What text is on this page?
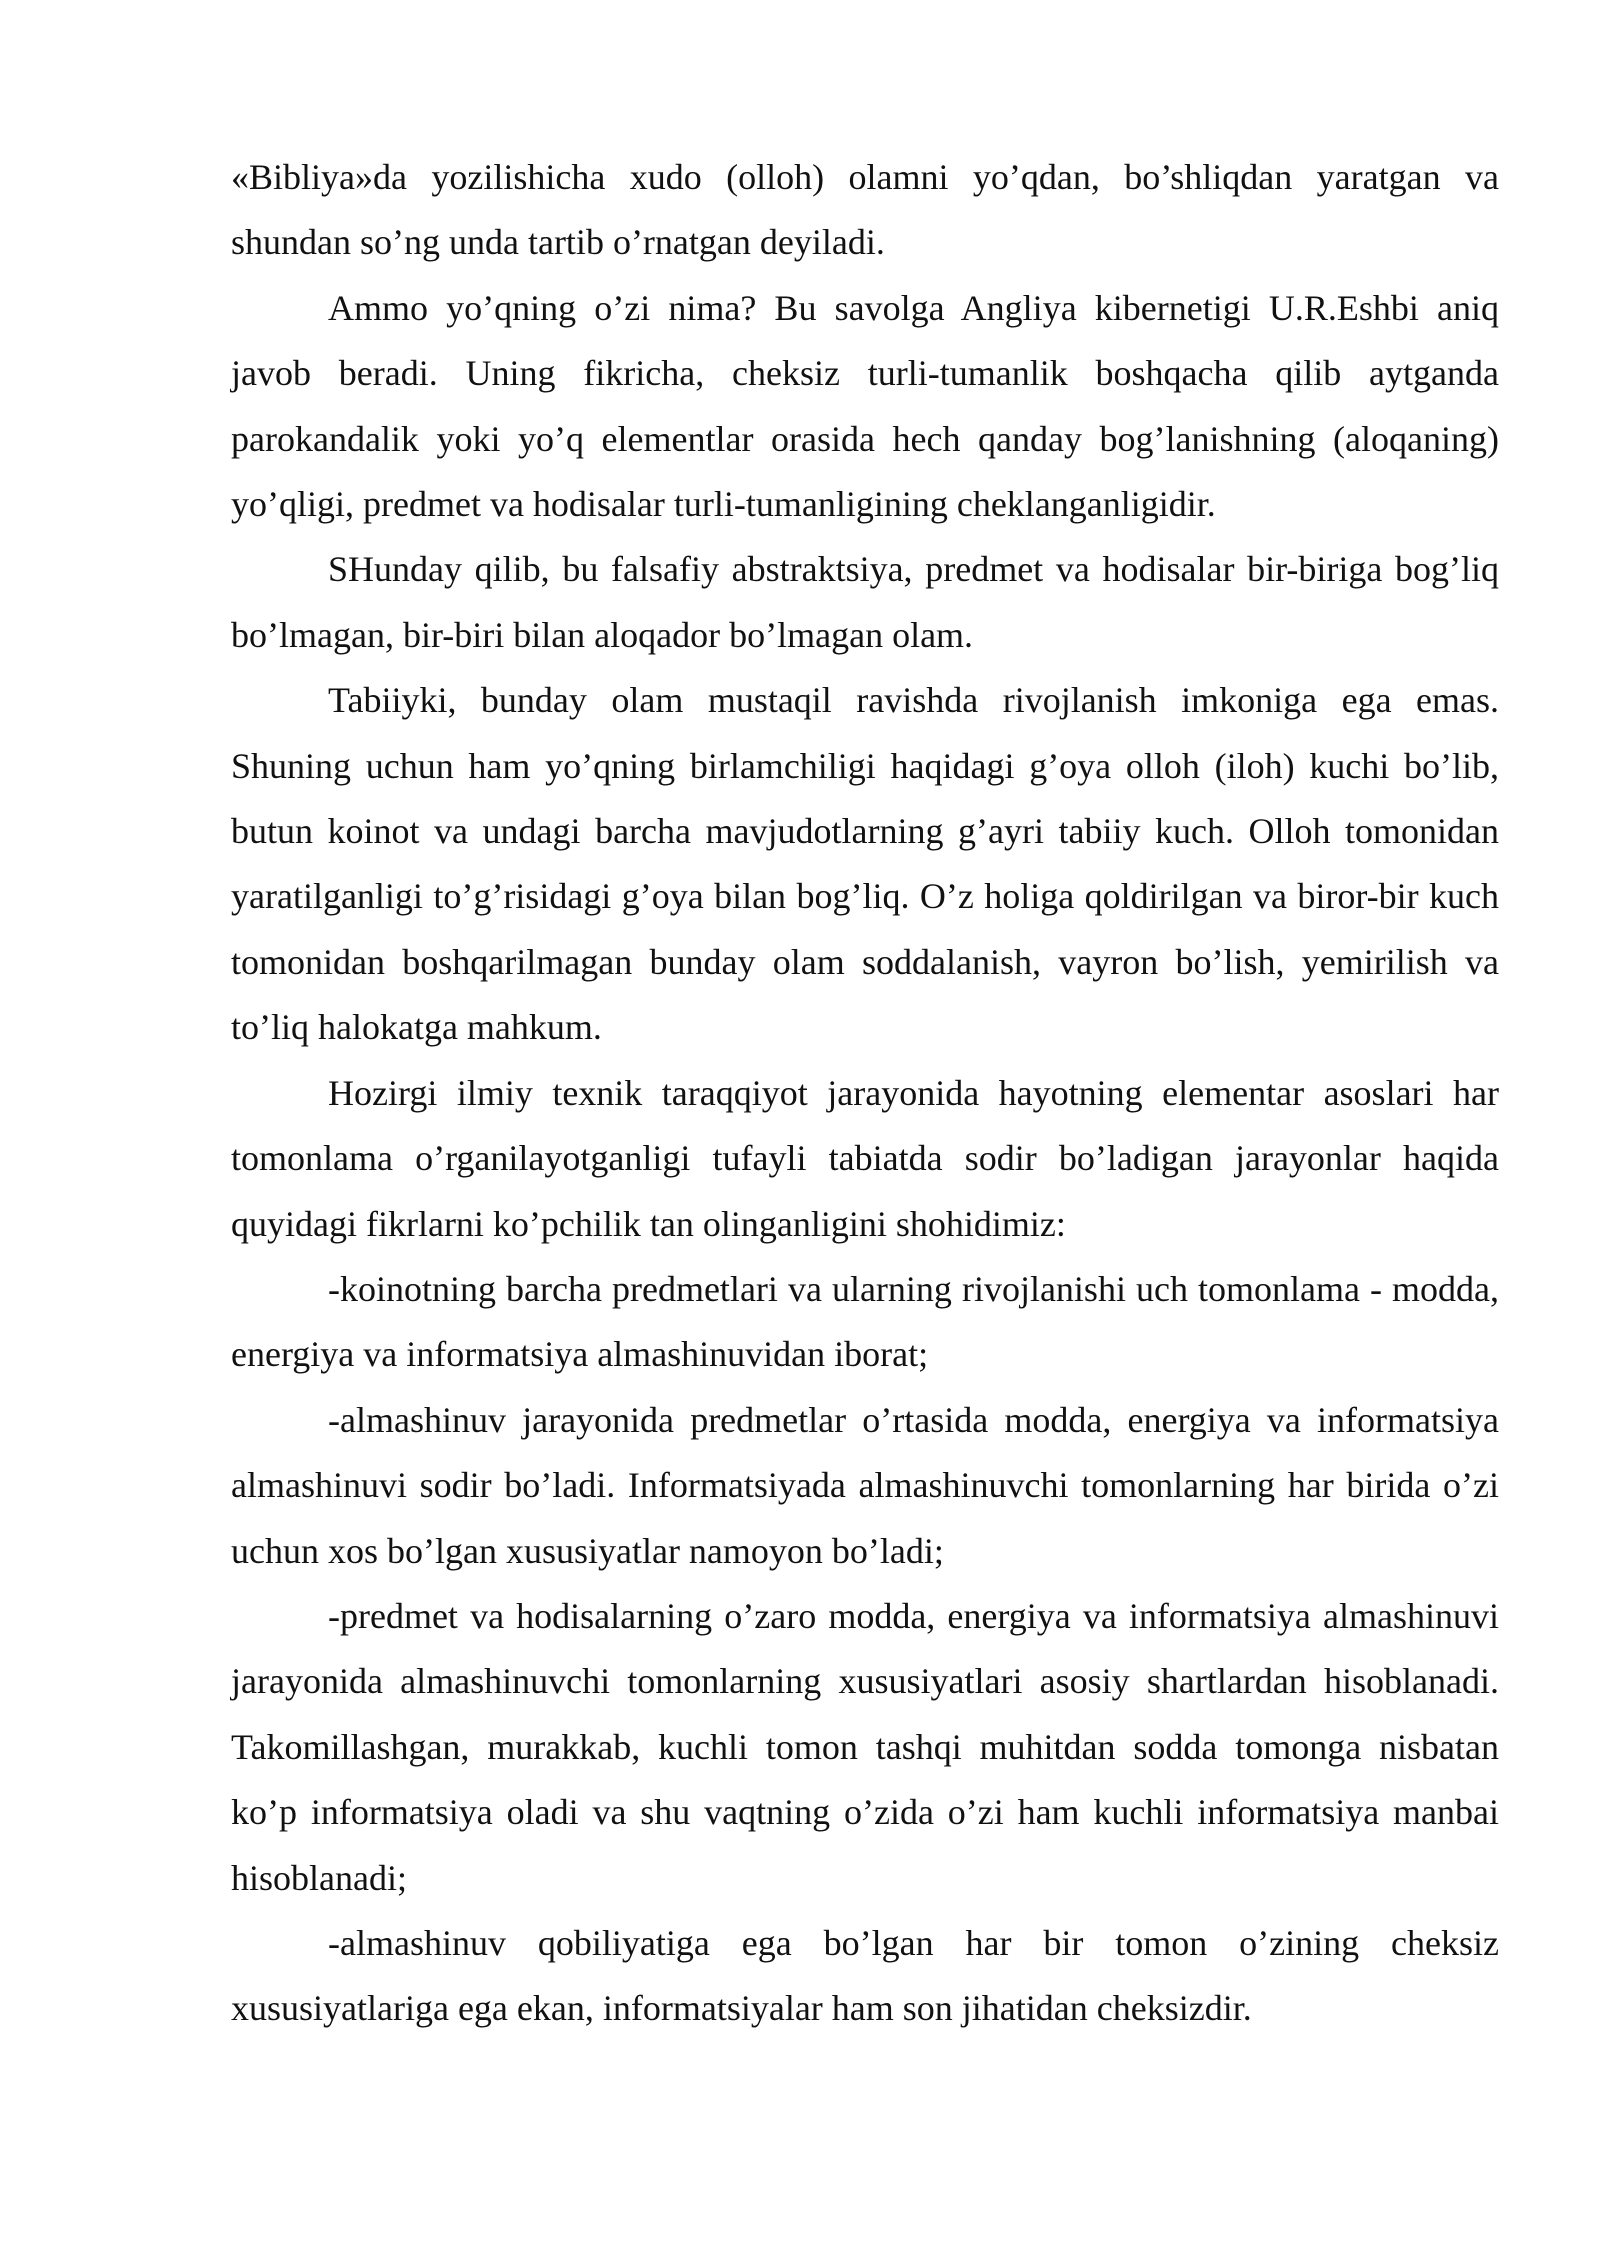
«Bibliya»da yozilishicha xudo (olloh) olamni yo’qdan, bo’shliqdan yaratgan va shundan so’ng unda tartib o’rnatgan deyiladi.

Ammo yo’qning o’zi nima? Bu savolga Angliya kibernetigi U.R.Eshbi aniq javob beradi. Uning fikricha, cheksiz turli-tumanlik boshqacha qilib aytganda parokandalik yoki yo’q elementlar orasida hech qanday bog’lanishning (aloqaning) yo’qligi, predmet va hodisalar turli-tumanligining cheklanganligidir.

SHunday qilib, bu falsafiy abstraktsiya, predmet va hodisalar bir-biriga bog’liq bo’lmagan, bir-biri bilan aloqador bo’lmagan olam.

Tabiiyki, bunday olam mustaqil ravishda rivojlanish imkoniga ega emas. Shuning uchun ham yo’qning birlamchiligi haqidagi g’oya olloh (iloh) kuchi bo’lib, butun koinot va undagi barcha mavjudotlarning g’ayri tabiiy kuch. Olloh tomonidan yaratilganligi to’g’risidagi g’oya bilan bog’liq. O’z holiga qoldirilgan va biror-bir kuch tomonidan boshqarilmagan bunday olam soddalanish, vayron bo’lish, yemirilish va to’liq halokatga mahkum.

Hozirgi ilmiy texnik taraqqiyot jarayonida hayotning elementar asoslari har tomonlama o’rganilayotganligi tufayli tabiatda sodir bo’ladigan jarayonlar haqida quyidagi fikrlarni ko’pchilik tan olinganligini shohidimiz:

-koinotning barcha predmetlari va ularning rivojlanishi uch tomonlama - modda, energiya va informatsiya almashinuvidan iborat;

-almashinuv jarayonida predmetlar o’rtasida modda, energiya va informatsiya almashinuvi sodir bo’ladi. Informatsiyada almashinuvchi tomonlarning har birida o’zi uchun xos bo’lgan xususiyatlar namoyon bo’ladi;

-predmet va hodisalarning o’zaro modda, energiya va informatsiya almashinuvi jarayonida almashinuvchi tomonlarning xususiyatlari asosiy shartlardan hisoblanadi. Takomillashgan, murakkab, kuchli tomon tashqi muhitdan sodda tomonga nisbatan ko’p informatsiya oladi va shu vaqtning o’zida o’zi ham kuchli informatsiya manbai hisoblanadi;

-almashinuv qobiliyatiga ega bo’lgan har bir tomon o’zining cheksiz xususiyatlariga ega ekan, informatsiyalar ham son jihatidan cheksizdir.
